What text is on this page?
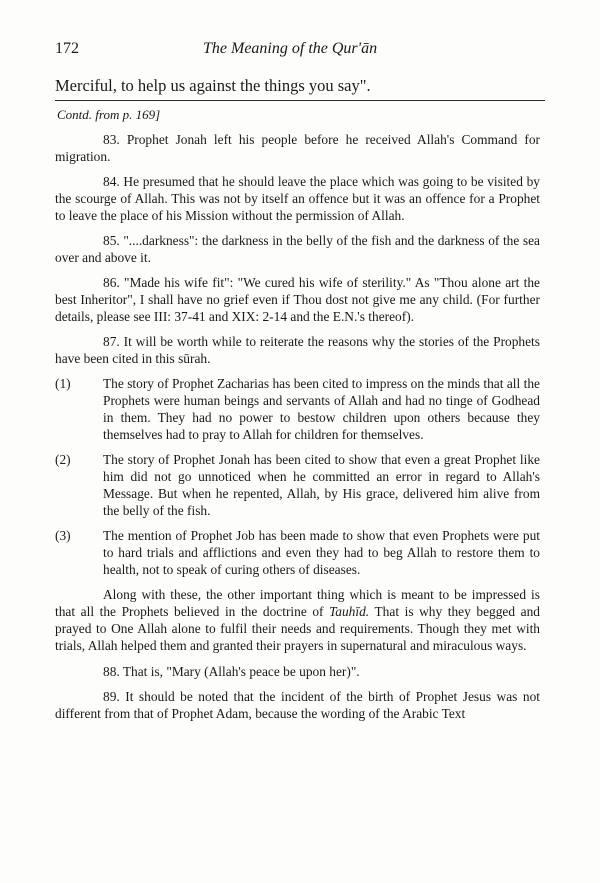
172	The Meaning of the Qur'ān
Merciful, to help us against the things you say".
Contd. from p. 169]

83. Prophet Jonah left his people before he received Allah's Command for migration.

84. He presumed that he should leave the place which was going to be visited by the scourge of Allah. This was not by itself an offence but it was an offence for a Prophet to leave the place of his Mission without the permission of Allah.

85. "....darkness": the darkness in the belly of the fish and the darkness of the sea over and above it.

86. "Made his wife fit": "We cured his wife of sterility." As "Thou alone art the best Inheritor", I shall have no grief even if Thou dost not give me any child. (For further details, please see III: 37-41 and XIX: 2-14 and the E.N.'s thereof).

87. It will be worth while to reiterate the reasons why the stories of the Prophets have been cited in this sūrah.

(1) The story of Prophet Zacharias has been cited to impress on the minds that all the Prophets were human beings and servants of Allah and had no tinge of Godhead in them. They had no power to bestow children upon others because they themselves had to pray to Allah for children for themselves.
(2) The story of Prophet Jonah has been cited to show that even a great Prophet like him did not go unnoticed when he committed an error in regard to Allah's Message. But when he repented, Allah, by His grace, delivered him alive from the belly of the fish.
(3) The mention of Prophet Job has been made to show that even Prophets were put to hard trials and afflictions and even they had to beg Allah to restore them to health, not to speak of curing others of diseases.

Along with these, the other important thing which is meant to be impressed is that all the Prophets believed in the doctrine of Tauhīd. That is why they begged and prayed to One Allah alone to fulfil their needs and requirements. Though they met with trials, Allah helped them and granted their prayers in supernatural and miraculous ways.

88. That is, "Mary (Allah's peace be upon her)".

89. It should be noted that the incident of the birth of Prophet Jesus was not different from that of Prophet Adam, because the wording of the Arabic Text
